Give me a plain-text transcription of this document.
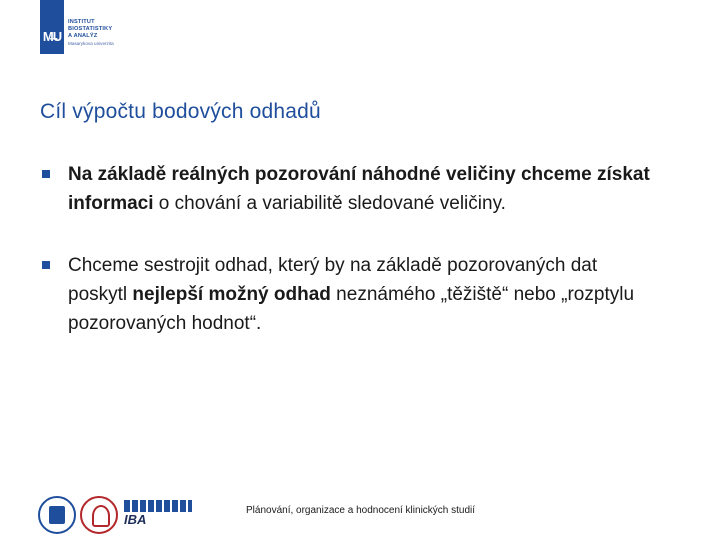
M̶U
INSTITUT
BIOSTATISTIKY
A ANALÝZ
Masarykova univerzita
Cíl výpočtu bodových odhadů
Na základě reálných pozorování náhodné veličiny chceme získat informaci o chování a variabilitě sledované veličiny.
Chceme sestrojit odhad, který by na základě pozorovaných dat poskytl nejlepší možný odhad neznámého „těžiště“ nebo „rozptylu pozorovaných hodnot“.
IBA
Plánování, organizace a hodnocení klinických studií
